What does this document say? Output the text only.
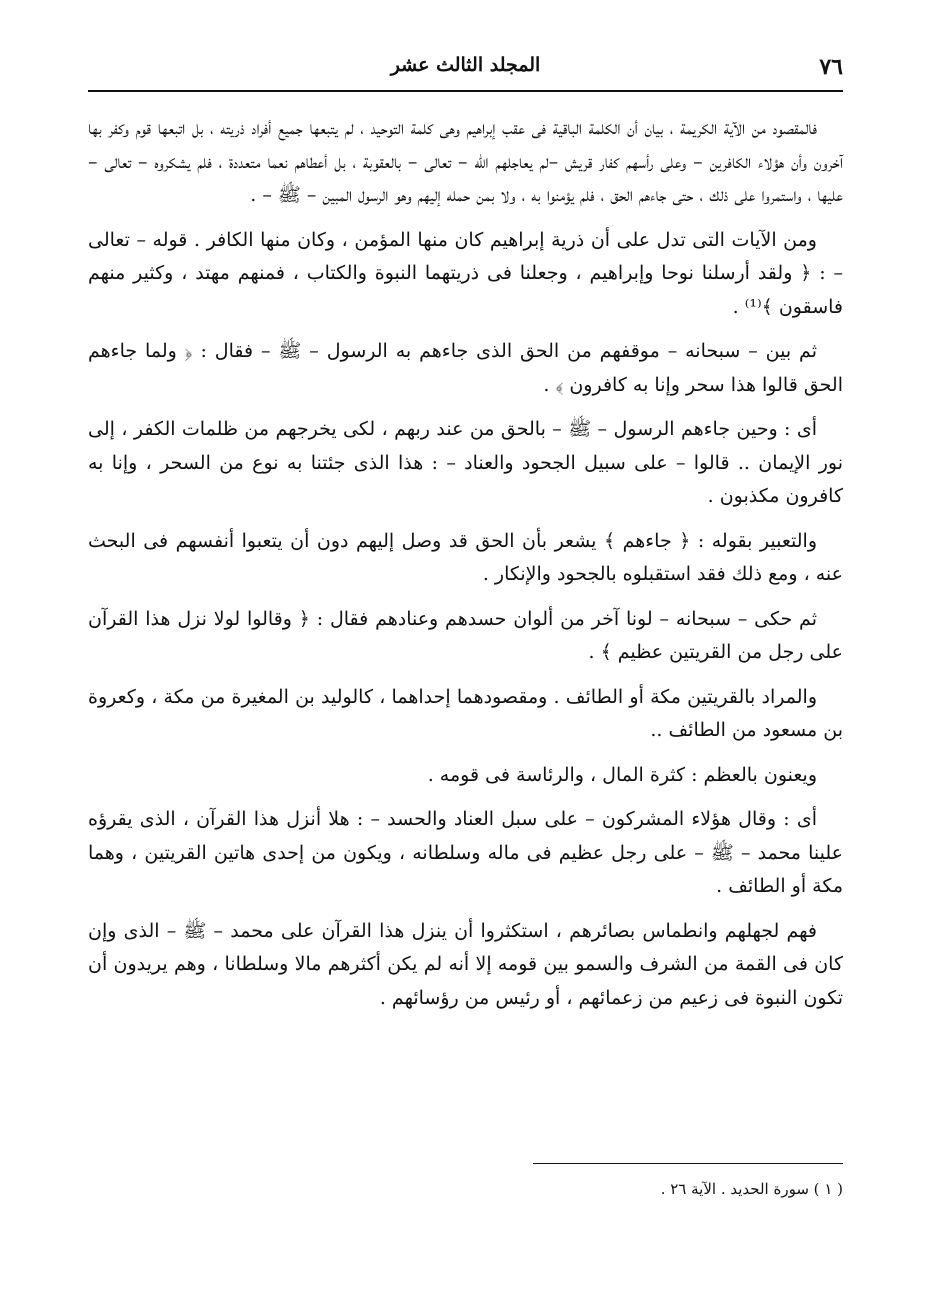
٧٦
المجلد الثالث عشر

فالمقصود من الآية الكريمة ، بيان أن الكلمة الباقية فى عقب إبراهيم وهى كلمة التوحيد ، لم يتبعها جميع أفراد ذريته ، بل اتبعها قوم وكفر بها آخرون وأن هؤلاء الكافرين – وعلى رأسهم كفار قريش –لم يعاجلهم الله – تعالى – بالعقوبة ، بل أعطاهم نعما متعددة ، فلم يشكروه – تعالى – عليها ، واستمروا على ذلك ، حتى جاءهم الحق ، فلم يؤمنوا به ، ولا بمن حمله إليهم وهو الرسول المبين – ﷺ – .

ومن الآيات التى تدل على أن ذرية إبراهيم كان منها المؤمن ، وكان منها الكافر . قوله – تعالى – : ﴿ ولقد أرسلنا نوحا وإبراهيم ، وجعلنا فى ذريتهما النبوة والكتاب ، فمنهم مهتد ، وكثير منهم فاسقون ﴾⁽¹⁾ .

ثم بين – سبحانه – موقفهم من الحق الذى جاءهم به الرسول – ﷺ – فقال : ﴿ ولما جاءهم الحق قالوا هذا سحر وإنا به كافرون ﴾ .

أى : وحين جاءهم الرسول – ﷺ – بالحق من عند ربهم ، لكى يخرجهم من ظلمات الكفر ، إلى نور الإيمان .. قالوا – على سبيل الجحود والعناد – : هذا الذى جئتنا به نوع من السحر ، وإنا به كافرون مكذبون .

والتعبير بقوله : ﴿ جاءهم ﴾ يشعر بأن الحق قد وصل إليهم دون أن يتعبوا أنفسهم فى البحث عنه ، ومع ذلك فقد استقبلوه بالجحود والإنكار .

ثم حكى – سبحانه – لونا آخر من ألوان حسدهم وعنادهم فقال : ﴿ وقالوا لولا نزل هذا القرآن على رجل من القريتين عظيم ﴾ .

والمراد بالقريتين مكة أو الطائف . ومقصودهما إحداهما ، كالوليد بن المغيرة من مكة ، وكعروة بن مسعود من الطائف ..

ويعنون بالعظم : كثرة المال ، والرئاسة فى قومه .

أى : وقال هؤلاء المشركون – على سبل العناد والحسد – : هلا أنزل هذا القرآن ، الذى يقرؤه علينا محمد – ﷺ – على رجل عظيم فى ماله وسلطانه ، ويكون من إحدى هاتين القريتين ، وهما مكة أو الطائف .

فهم لجهلهم وانطماس بصائرهم ، استكثروا أن ينزل هذا القرآن على محمد – ﷺ – الذى وإن كان فى القمة من الشرف والسمو بين قومه إلا أنه لم يكن أكثرهم مالا وسلطانا ، وهم يريدون أن تكون النبوة فى زعيم من زعمائهم ، أو رئيس من رؤسائهم .

( ١ ) سورة الحديد . الآية ٢٦ .
